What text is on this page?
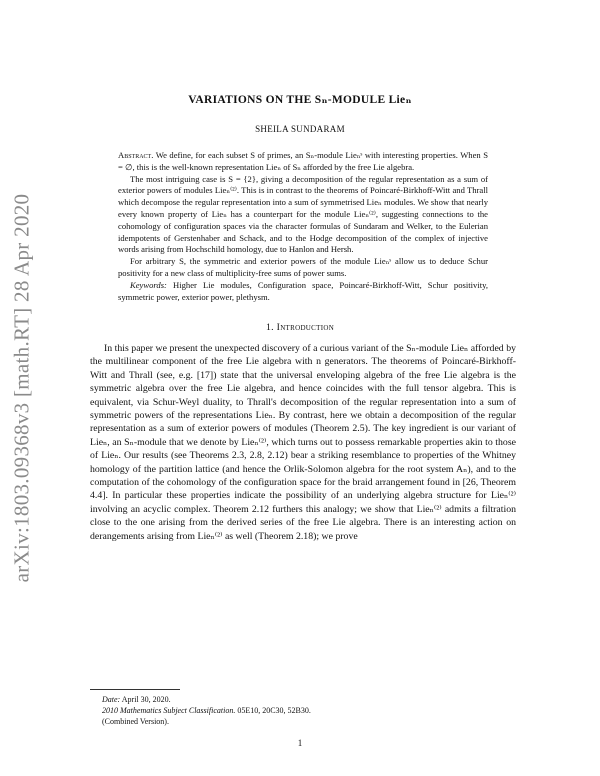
arXiv:1803.09368v3 [math.RT] 28 Apr 2020
VARIATIONS ON THE Sₙ-MODULE Lieₙ
SHEILA SUNDARAM

Abstract. We define, for each subset S of primes, an Sₙ-module Lieₙˢ with interesting properties. When S = ∅, this is the well-known representation Lieₙ of Sₙ afforded by the free Lie algebra.

The most intriguing case is S = {2}, giving a decomposition of the regular representation as a sum of exterior powers of modules Lieₙ⁽²⁾. This is in contrast to the theorems of Poincaré-Birkhoff-Witt and Thrall which decompose the regular representation into a sum of symmetrised Lieₙ modules. We show that nearly every known property of Lieₙ has a counterpart for the module Lieₙ⁽²⁾, suggesting connections to the cohomology of configuration spaces via the character formulas of Sundaram and Welker, to the Eulerian idempotents of Gerstenhaber and Schack, and to the Hodge decomposition of the complex of injective words arising from Hochschild homology, due to Hanlon and Hersh.

For arbitrary S, the symmetric and exterior powers of the module Lieₙˢ allow us to deduce Schur positivity for a new class of multiplicity-free sums of power sums.

Keywords: Higher Lie modules, Configuration space, Poincaré-Birkhoff-Witt, Schur positivity, symmetric power, exterior power, plethysm.

1. Introduction

In this paper we present the unexpected discovery of a curious variant of the Sₙ-module Lieₙ afforded by the multilinear component of the free Lie algebra with n generators. The theorems of Poincaré-Birkhoff-Witt and Thrall (see, e.g. [17]) state that the universal enveloping algebra of the free Lie algebra is the symmetric algebra over the free Lie algebra, and hence coincides with the full tensor algebra. This is equivalent, via Schur-Weyl duality, to Thrall's decomposition of the regular representation into a sum of symmetric powers of the representations Lieₙ. By contrast, here we obtain a decomposition of the regular representation as a sum of exterior powers of modules (Theorem 2.5). The key ingredient is our variant of Lieₙ, an Sₙ-module that we denote by Lieₙ⁽²⁾, which turns out to possess remarkable properties akin to those of Lieₙ. Our results (see Theorems 2.3, 2.8, 2.12) bear a striking resemblance to properties of the Whitney homology of the partition lattice (and hence the Orlik-Solomon algebra for the root system Aₙ), and to the computation of the cohomology of the configuration space for the braid arrangement found in [26, Theorem 4.4]. In particular these properties indicate the possibility of an underlying algebra structure for Lieₙ⁽²⁾ involving an acyclic complex. Theorem 2.12 furthers this analogy; we show that Lieₙ⁽²⁾ admits a filtration close to the one arising from the derived series of the free Lie algebra. There is an interesting action on derangements arising from Lieₙ⁽²⁾ as well (Theorem 2.18); we prove

Date: April 30, 2020.
2010 Mathematics Subject Classification. 05E10, 20C30, 52B30.
(Combined Version).
1
